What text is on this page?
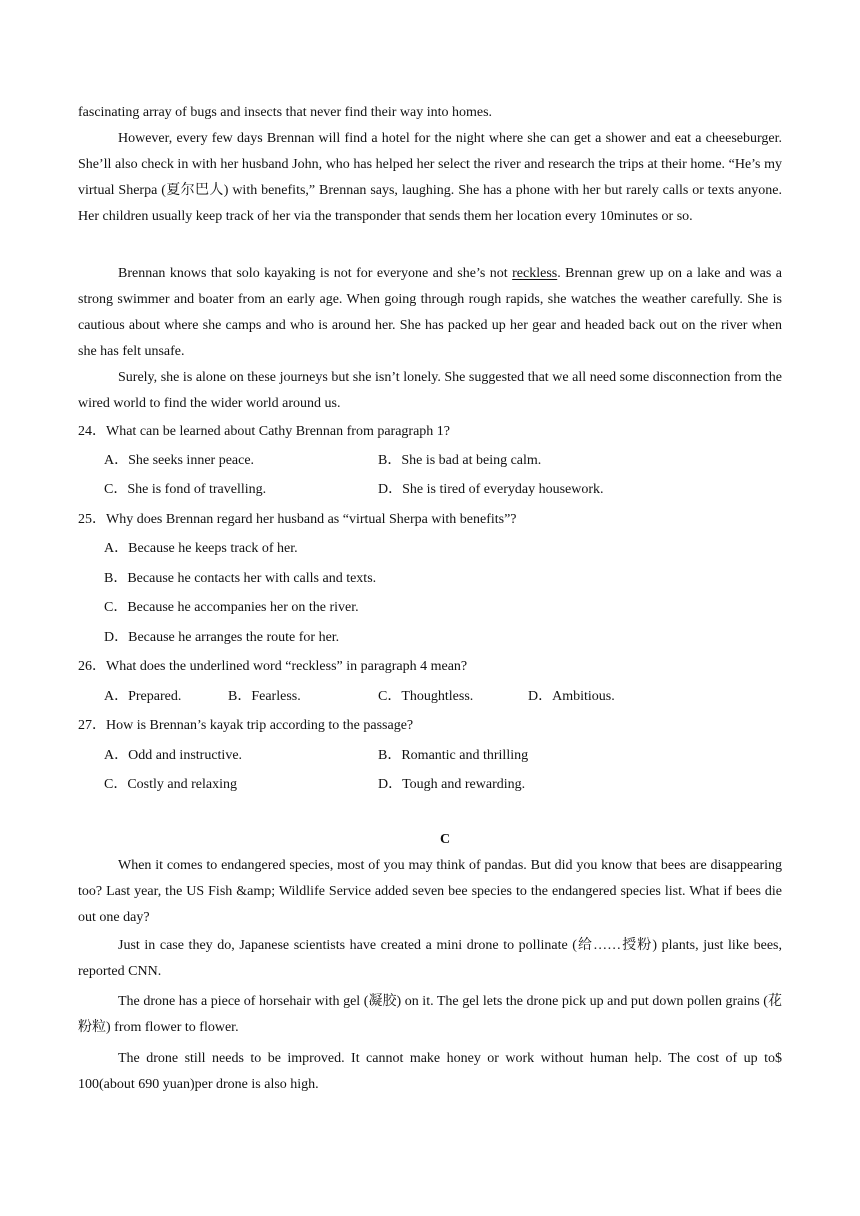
fascinating array of bugs and insects that never find their way into homes.

However, every few days Brennan will find a hotel for the night where she can get a shower and eat a cheeseburger. She’ll also check in with her husband John, who has helped her select the river and research the trips at their home. “He’s my virtual Sherpa (夏尔巴人) with benefits,” Brennan says, laughing. She has a phone with her but rarely calls or texts anyone. Her children usually keep track of her via the transponder that sends them her location every 10minutes or so.

Brennan knows that solo kayaking is not for everyone and she’s not reckless. Brennan grew up on a lake and was a strong swimmer and boater from an early age. When going through rough rapids, she watches the weather carefully. She is cautious about where she camps and who is around her. She has packed up her gear and headed back out on the river when she has felt unsafe.

Surely, she is alone on these journeys but she isn’t lonely. She suggested that we all need some disconnection from the wired world to find the wider world around us.

24．What can be learned about Cathy Brennan from paragraph 1?

A．She seeks inner peace.	B．She is bad at being calm.
C．She is fond of travelling.	D．She is tired of everyday housework.

25．Why does Brennan regard her husband as “virtual Sherpa with benefits”?

A．Because he keeps track of her.
B．Because he contacts her with calls and texts.
C．Because he accompanies her on the river.
D．Because he arranges the route for her.

26．What does the underlined word “reckless” in paragraph 4 mean?

A．Prepared.	B．Fearless.	C．Thoughtless.	D．Ambitious.

27．How is Brennan’s kayak trip according to the passage?

A．Odd and instructive.	B．Romantic and thrilling
C．Costly and relaxing	D．Tough and rewarding.
C

When it comes to endangered species, most of you may think of pandas. But did you know that bees are disappearing too? Last year, the US Fish &amp; Wildlife Service added seven bee species to the endangered species list. What if bees die out one day?

Just in case they do, Japanese scientists have created a mini drone to pollinate (给……授粉) plants, just like bees, reported CNN.

The drone has a piece of horsehair with gel (凝胶) on it. The gel lets the drone pick up and put down pollen grains (花粉粒) from flower to flower.

The drone still needs to be improved. It cannot make honey or work without human help. The cost of up to$ 100(about 690 yuan)per drone is also high.
